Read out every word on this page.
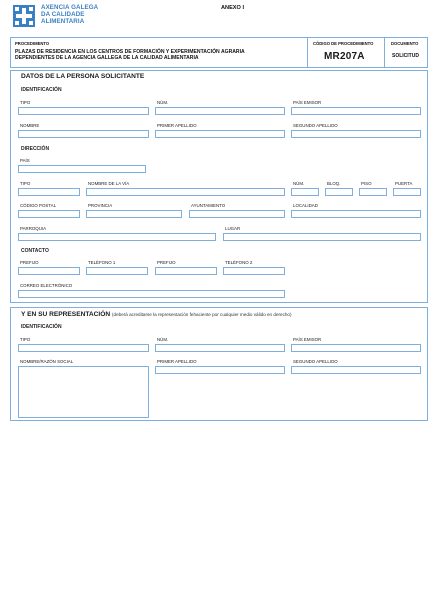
AXENCIA GALEGA
DA CALIDADE
ALIMENTARIA
ANEXO I
PROCEDIMENTO
PLAZAS DE RESIDENCIA EN LOS CENTROS DE FORMACIÓN Y EXPERIMENTACIÓN AGRARIA
DEPENDIENTES DE LA AGENCIA GALLEGA DE LA CALIDAD ALIMENTARIA
CÓDIGO DE PROCEDIMIENTO
MR207A
DOCUMENTO
SOLICITUD
DATOS DE LA PERSONA SOLICITANTE
IDENTIFICACIÓN
TIPO	NÚM.	PAÍS EMISOR
NOMBRE	PRIMER APELLIDO	SEGUNDO APELLIDO
DIRECCIÓN
PAÍS
TIPO	NOMBRE DE LA VÍA	NÚM.	BLOQ.	PISO	PUERTA
CÓDIGO POSTAL	PROVINCIA	AYUNTAMIENTO	LOCALIDAD
PARROQUIA	LUGAR
CONTACTO
PREFIJO	TELÉFONO 1	PREFIJO	TELÉFONO 2
CORREO ELECTRÓNICO
Y EN SU REPRESENTACIÓN (deberá acreditarse la representación fehaciente por cualquier medio válido en derecho)
IDENTIFICACIÓN
TIPO	NÚM.	PAÍS EMISOR
NOMBRE/RAZÓN SOCIAL	PRIMER APELLIDO	SEGUNDO APELLIDO
